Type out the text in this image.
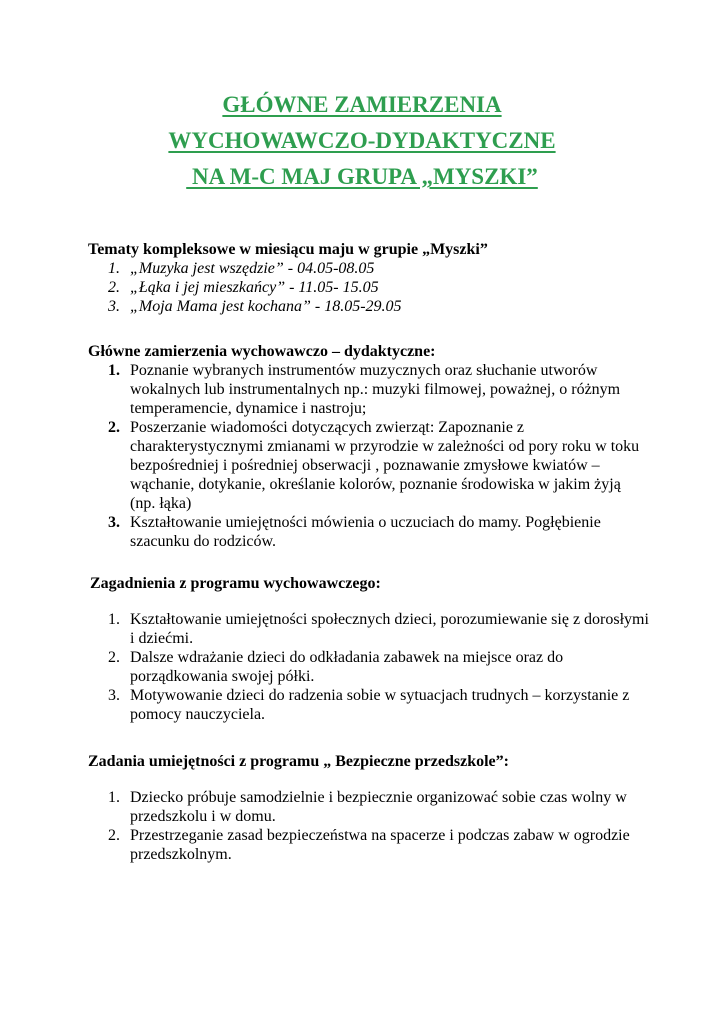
GŁÓWNE ZAMIERZENIA
WYCHOWAWCZO-DYDAKTYCZNE
NA M-C MAJ GRUPA „MYSZKI”
Tematy kompleksowe w miesiącu maju w grupie „Myszki”
1. „Muzyka jest wszędzie” - 04.05-08.05
2. „Łąka i jej mieszkańcy” - 11.05- 15.05
3. „Moja Mama jest kochana” - 18.05-29.05
Główne zamierzenia wychowawczo – dydaktyczne:
1. Poznanie wybranych instrumentów muzycznych oraz słuchanie utworów wokalnych lub instrumentalnych np.: muzyki filmowej, poważnej, o różnym temperamencie, dynamice i nastroju;
2. Poszerzanie wiadomości dotyczących zwierząt: Zapoznanie z charakterystycznymi zmianami w przyrodzie w zależności od pory roku w toku bezpośredniej i pośredniej obserwacji , poznawanie zmysłowe kwiatów – wąchanie, dotykanie, określanie kolorów, poznanie środowiska w jakim żyją (np. łąka)
3. Kształtowanie umiejętności mówienia o uczuciach do mamy. Pogłębienie szacunku do rodziców.
Zagadnienia z programu wychowawczego:
1. Kształtowanie umiejętności społecznych dzieci, porozumiewanie się z dorosłymi i dziećmi.
2. Dalsze wdrażanie dzieci do odkładania zabawek na miejsce oraz do porządkowania swojej półki.
3. Motywowanie dzieci do radzenia sobie w sytuacjach trudnych – korzystanie z pomocy nauczyciela.
Zadania umiejętności z programu „ Bezpieczne przedszkole”:
1. Dziecko próbuje samodzielnie i bezpiecznie organizować sobie czas wolny w przedszkolu i w domu.
2. Przestrzeganie zasad bezpieczeństwa na spacerze i podczas zabaw w ogrodzie przedszkolnym.
